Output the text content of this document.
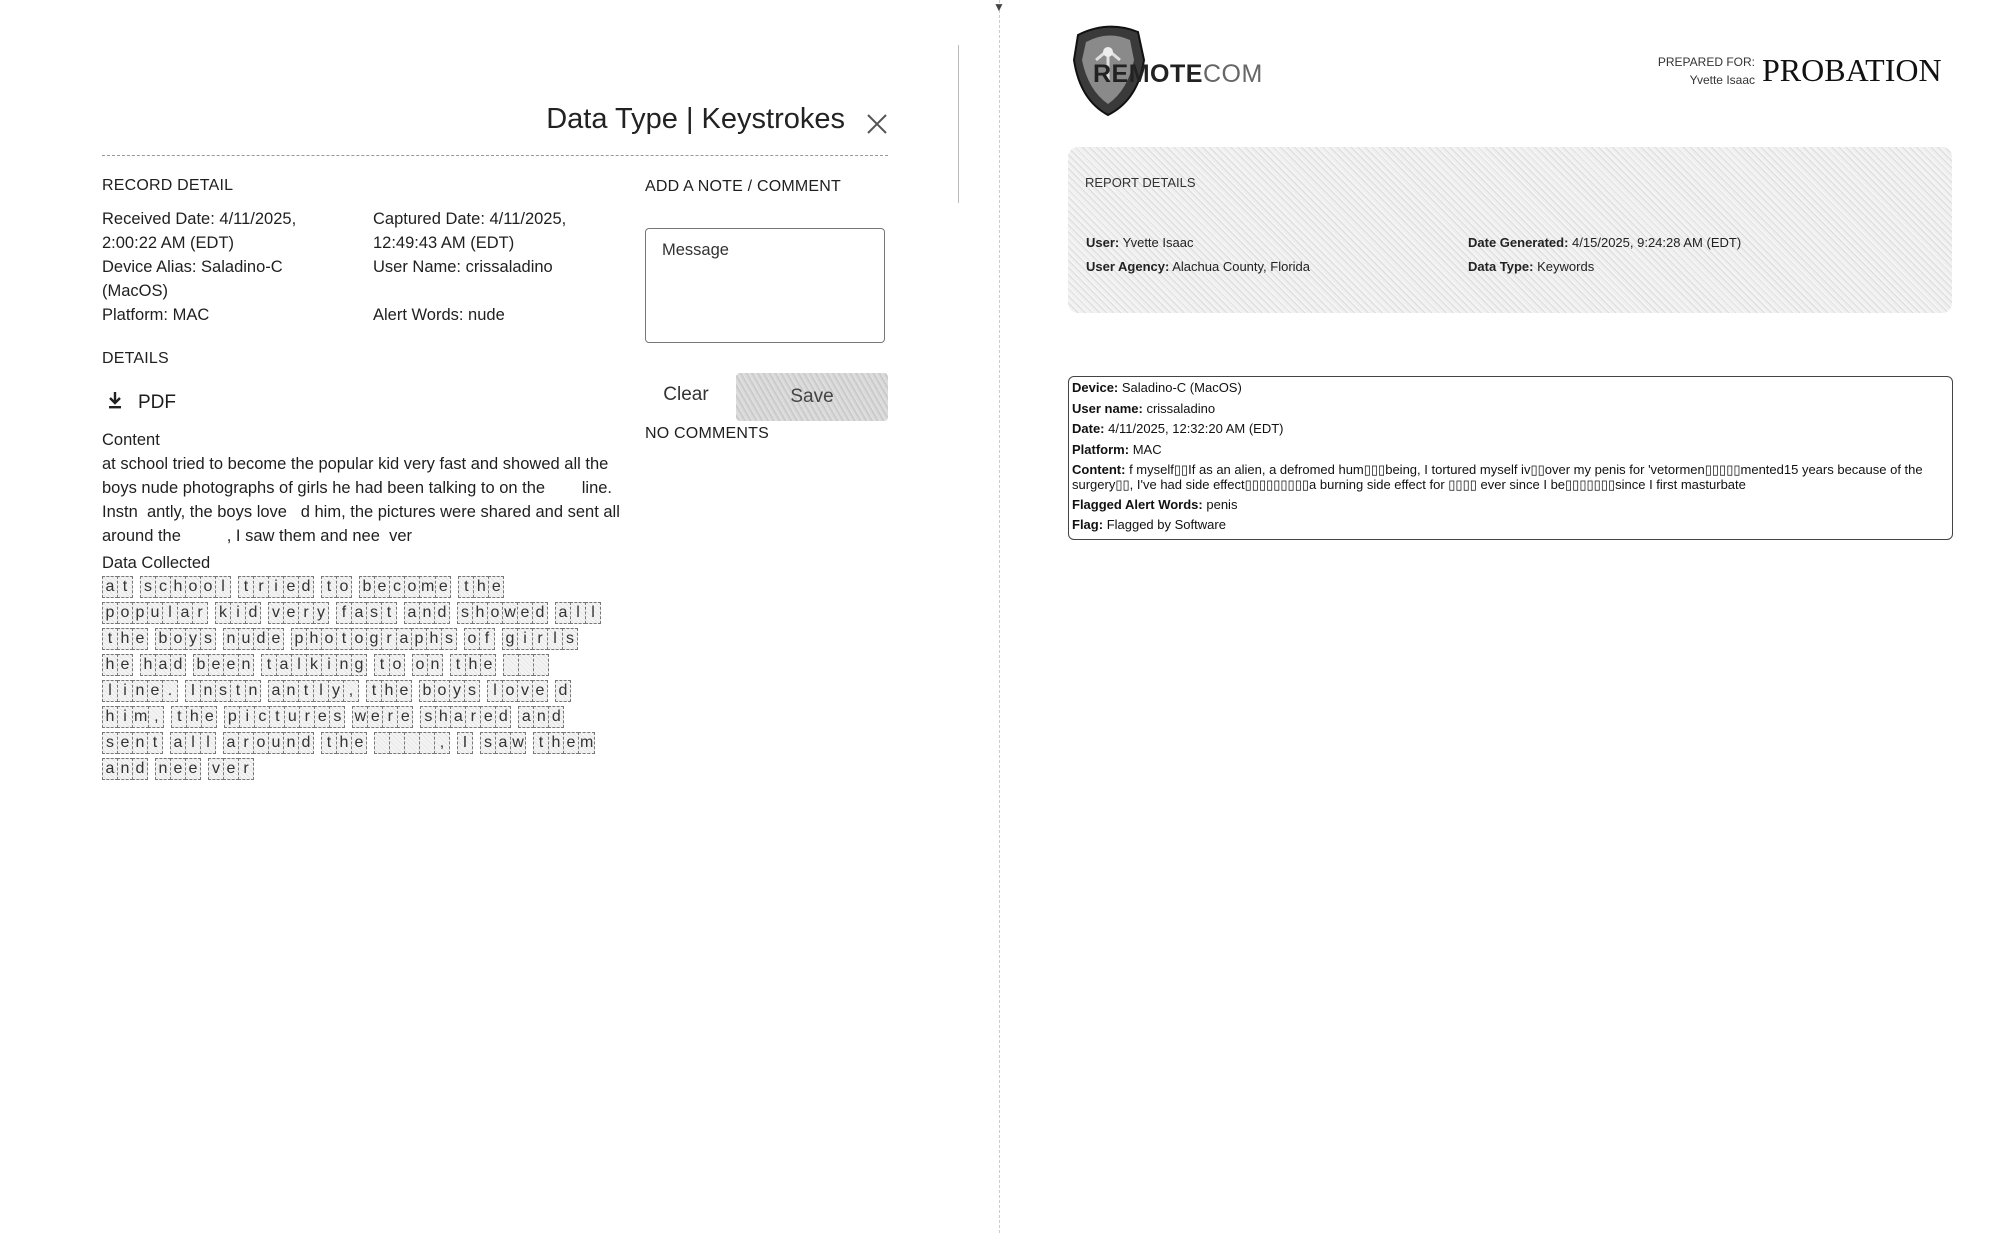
Data Type | Keystrokes
RECORD DETAIL

Received Date: 4/11/2025, 2:00:22 AM (EDT)

Device Alias: Saladino-C (MacOS)

Platform: MAC

Captured Date: 4/11/2025, 12:49:43 AM (EDT)

User Name: crissaladino

Alert Words: nude

DETAILS
PDF
Content
at school tried to become the popular kid very fast and showed all the boys nude photographs of girls he had been talking to on the        line. Instn  antly, the boys love   d him, the pictures were shared and sent all around the          , I saw them and nee  ver
Data Collected
a t	s c h o o l	t r i e d	t o b e c o m e	t h e
p o p u l a r	k i d v e r y	f a s t	a n d s h o w e d a l l
t h e b o y s n u d e p h o t o g r a p h s o f	g i r l s
h e h a d b e e n	t a l k i n g	t o o n	t h e

l i n e .	I n s t n a n t l y ,	t h e b o y s	l o v e d
h i m ,	t h e p i c t u r e s w e r e s h a r e d a n d
s e n t	a l l	a r o u n d	t h e

	,	I	s a w t h e m
a n d n e e v e r
ADD A NOTE / COMMENT
Message
Clear	Save
NO COMMENTS
▼
REMOTECOM	PREPARED FOR:
Yvette Isaac PROBATION
REPORT DETAILS
User: Yvette Isaac
User Agency: Alachua County, Florida
Date Generated: 4/15/2025, 9:24:28 AM (EDT)
Data Type: Keywords
Device: Saladino-C (MacOS)
User name: crissaladino
Date: 4/11/2025, 12:32:20 AM (EDT)
Platform: MAC
Content: f myself▯▯If as an alien, a defromed hum▯▯▯being, I tortured myself iv▯▯over my penis for 'vetormen▯▯▯▯▯mented15 years because of the surgery▯▯, I've had side effect▯▯▯▯▯▯▯▯▯a burning side effect for ▯▯▯▯ ever since I be▯▯▯▯▯▯▯since I first masturbate
Flagged Alert Words: penis
Flag: Flagged by Software
